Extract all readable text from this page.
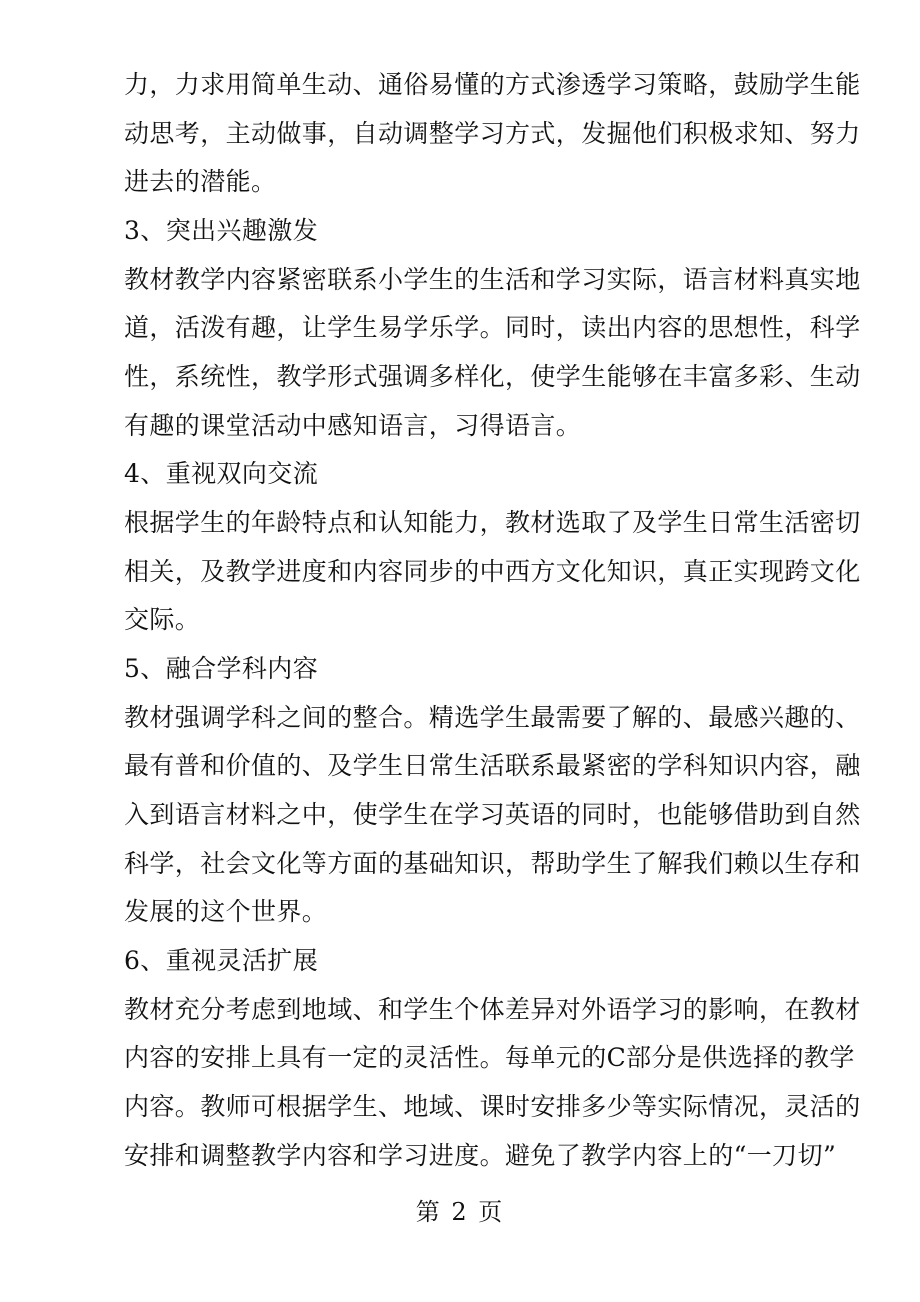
力，力求用简单生动、通俗易懂的方式渗透学习策略，鼓励学生能
动思考，主动做事，自动调整学习方式，发掘他们积极求知、努力
进去的潜能。
3、突出兴趣激发
教材教学内容紧密联系小学生的生活和学习实际，语言材料真实地
道，活泼有趣，让学生易学乐学。同时，读出内容的思想性，科学
性，系统性，教学形式强调多样化，使学生能够在丰富多彩、生动
有趣的课堂活动中感知语言，习得语言。
4、重视双向交流
根据学生的年龄特点和认知能力，教材选取了及学生日常生活密切
相关，及教学进度和内容同步的中西方文化知识，真正实现跨文化
交际。
5、融合学科内容
教材强调学科之间的整合。精选学生最需要了解的、最感兴趣的、
最有普和价值的、及学生日常生活联系最紧密的学科知识内容，融
入到语言材料之中，使学生在学习英语的同时，也能够借助到自然
科学，社会文化等方面的基础知识，帮助学生了解我们赖以生存和
发展的这个世界。
6、重视灵活扩展
教材充分考虑到地域、和学生个体差异对外语学习的影响，在教材
内容的安排上具有一定的灵活性。每单元的C部分是供选择的教学
内容。教师可根据学生、地域、课时安排多少等实际情况，灵活的
安排和调整教学内容和学习进度。避免了教学内容上的“一刀切”
第 2 页
